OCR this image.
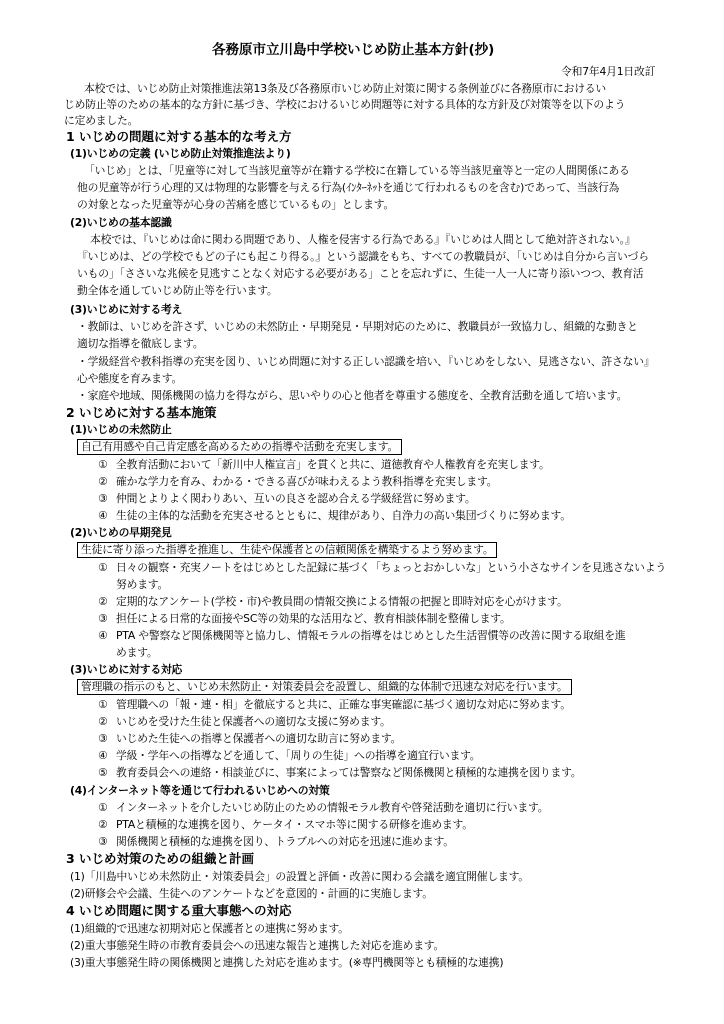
各務原市立川島中学校いじめ防止基本方針(抄)
令和7年4月1日改訂
本校では、いじめ防止対策推進法第13条及び各務原市いじめ防止対策に関する条例並びに各務原市におけるい
じめ防止等のための基本的な方針に基づき、学校におけるいじめ問題等に対する具体的な方針及び対策等を以下のよう
に定めました。
1 いじめの問題に対する基本的な考え方
(1)いじめの定義 (いじめ防止対策推進法より)
「いじめ」とは、「児童等に対して当該児童等が在籍する学校に在籍している等当該児童等と一定の人間関係にある
他の児童等が行う心理的又は物理的な影響を与える行為(ｲﾝﾀｰﾈｯﾄを通じて行われるものを含む)であって、当該行為
の対象となった児童等が心身の苦痛を感じているもの」とします。
(2)いじめの基本認識
本校では、『いじめは命に関わる問題であり、人権を侵害する行為である』『いじめは人間として絶対許されない。』
『いじめは、どの学校でもどの子にも起こり得る。』という認識をもち、すべての教職員が、「いじめは自分から言いづら
いもの」「ささいな兆候を見逃すことなく対応する必要がある」ことを忘れずに、生徒一人一人に寄り添いつつ、教育活
動全体を通していじめ防止等を行います。
(3)いじめに対する考え
・教師は、いじめを許さず、いじめの未然防止・早期発見・早期対応のために、教職員が一致協力し、組織的な動きと
適切な指導を徹底します。
・学級経営や教科指導の充実を図り、いじめ問題に対する正しい認識を培い、『いじめをしない、見逃さない、許さない』
心や態度を育みます。
・家庭や地域、関係機関の協力を得ながら、思いやりの心と他者を尊重する態度を、全教育活動を通して培います。
2 いじめに対する基本施策
(1)いじめの未然防止
自己有用感や自己肯定感を高めるための指導や活動を充実します。
① 全教育活動において「新川中人権宣言」を貫くと共に、道徳教育や人権教育を充実します。
② 確かな学力を育み、わかる・できる喜びが味わえるよう教科指導を充実します。
③ 仲間とよりよく関わりあい、互いの良さを認め合える学級経営に努めます。
④ 生徒の主体的な活動を充実させるとともに、規律があり、自浄力の高い集団づくりに努めます。
(2)いじめの早期発見
生徒に寄り添った指導を推進し、生徒や保護者との信頼関係を構築するよう努めます。
① 日々の観察・充実ノートをはじめとした記録に基づく「ちょっとおかしいな」という小さなサインを見逃さないよう
努めます。
② 定期的なアンケート(学校・市)や教員間の情報交換による情報の把握と即時対応を心がけます。
③ 担任による日常的な面接やSC等の効果的な活用など、教育相談体制を整備します。
④ PTA や警察など関係機関等と協力し、情報モラルの指導をはじめとした生活習慣等の改善に関する取組を進
めます。
(3)いじめに対する対応
管理職の指示のもと、いじめ未然防止・対策委員会を設置し、組織的な体制で迅速な対応を行います。
① 管理職への「報・連・相」を徹底すると共に、正確な事実確認に基づく適切な対応に努めます。
② いじめを受けた生徒と保護者への適切な支援に努めます。
③ いじめた生徒への指導と保護者への適切な助言に努めます。
④ 学級・学年への指導などを通して、「周りの生徒」への指導を適宜行います。
⑤ 教育委員会への連絡・相談並びに、事案によっては警察など関係機関と積極的な連携を図ります。
(4)インターネット等を通じて行われるいじめへの対策
① インターネットを介したいじめ防止のための情報モラル教育や啓発活動を適切に行います。
② PTAと積極的な連携を図り、ケータイ・スマホ等に関する研修を進めます。
③ 関係機関と積極的な連携を図り、トラブルへの対応を迅速に進めます。
3 いじめ対策のための組織と計画
(1)「川島中いじめ未然防止・対策委員会」の設置と評価・改善に関わる会議を適宜開催します。
(2)研修会や会議、生徒へのアンケートなどを意図的・計画的に実施します。
4 いじめ問題に関する重大事態への対応
(1)組織的で迅速な初期対応と保護者との連携に努めます。
(2)重大事態発生時の市教育委員会への迅速な報告と連携した対応を進めます。
(3)重大事態発生時の関係機関と連携した対応を進めます。(※専門機関等とも積極的な連携)
